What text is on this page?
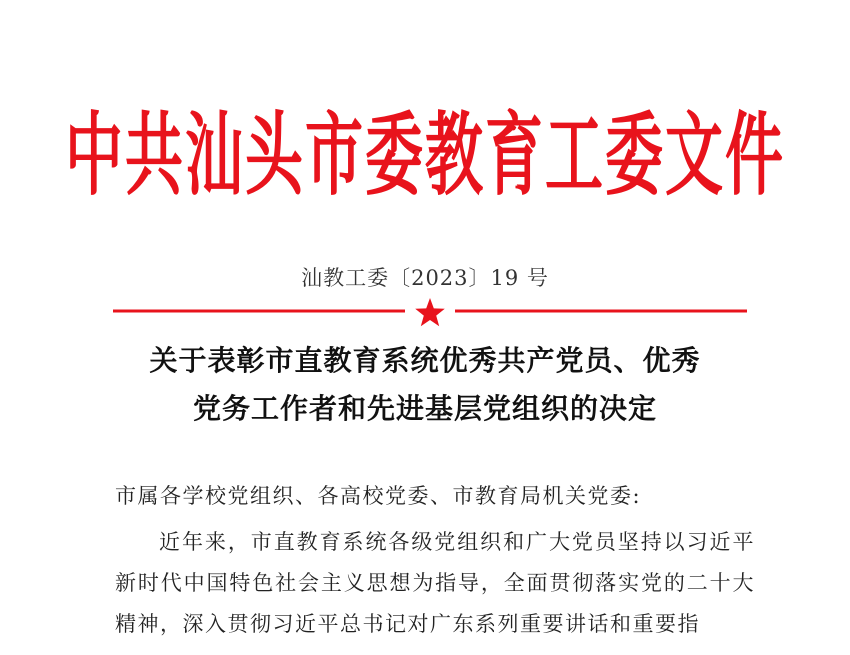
中共汕头市委教育工委文件
汕教工委〔2023〕19 号
关于表彰市直教育系统优秀共产党员、优秀
党务工作者和先进基层党组织的决定

市属各学校党组织、各高校党委、市教育局机关党委:

近年来，市直教育系统各级党组织和广大党员坚持以习近平新时代中国特色社会主义思想为指导，全面贯彻落实党的二十大精神，深入贯彻习近平总书记对广东系列重要讲话和重要指
